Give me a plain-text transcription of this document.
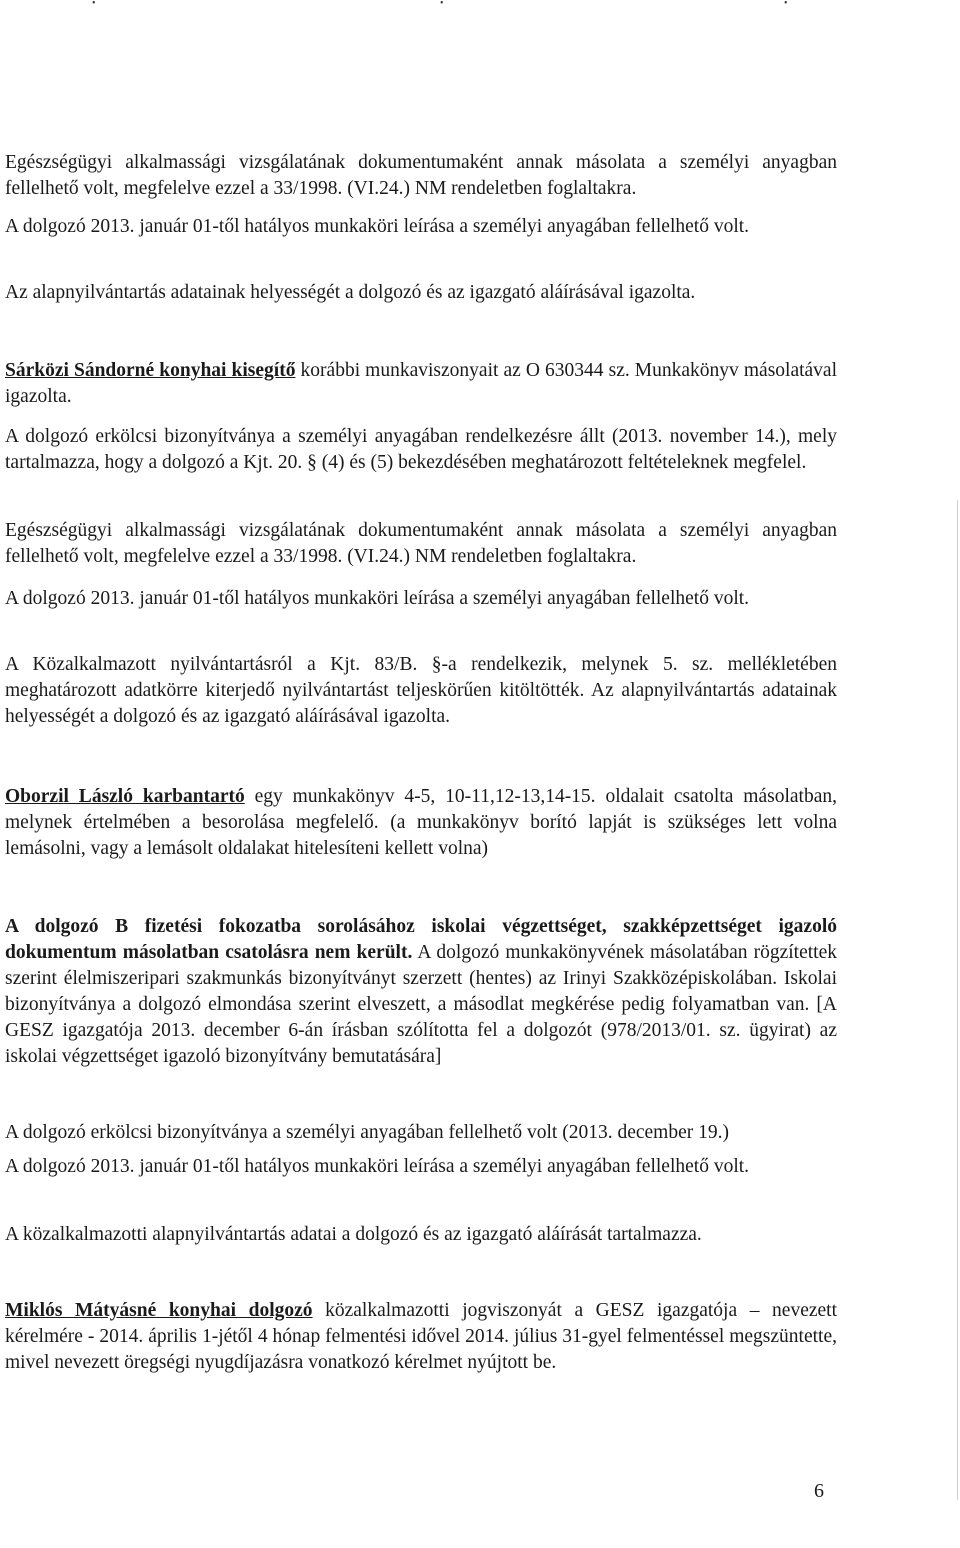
Egészségügyi alkalmassági vizsgálatának dokumentumaként annak másolata a személyi anyagban fellelhető volt, megfelelve ezzel a 33/1998. (VI.24.) NM rendeletben foglaltakra.

A dolgozó 2013. január 01-től hatályos munkaköri leírása a személyi anyagában fellelhető volt.

Az alapnyilvántartás adatainak helyességét a dolgozó és az igazgató aláírásával igazolta.

Sárközi Sándorné konyhai kisegítő korábbi munkaviszonyait az O 630344 sz. Munkakönyv másolatával igazolta.

A dolgozó erkölcsi bizonyítványa a személyi anyagában rendelkezésre állt (2013. november 14.), mely tartalmazza, hogy a dolgozó a Kjt. 20. § (4) és (5) bekezdésében meghatározott feltételeknek megfelel.

Egészségügyi alkalmassági vizsgálatának dokumentumaként annak másolata a személyi anyagban fellelhető volt, megfelelve ezzel a 33/1998. (VI.24.) NM rendeletben foglaltakra.

A dolgozó 2013. január 01-től hatályos munkaköri leírása a személyi anyagában fellelhető volt.

A Közalkalmazott nyilvántartásról a Kjt. 83/B. §-a rendelkezik, melynek 5. sz. mellékletében meghatározott adatkörre kiterjedő nyilvántartást teljeskörűen kitöltötték. Az alapnyilvántartás adatainak helyességét a dolgozó és az igazgató aláírásával igazolta.

Oborzil László karbantartó egy munkakönyv 4-5, 10-11,12-13,14-15. oldalait csatolta másolatban, melynek értelmében a besorolása megfelelő. (a munkakönyv borító lapját is szükséges lett volna lemásolni, vagy a lemásolt oldalakat hitelesíteni kellett volna)

A dolgozó B fizetési fokozatba sorolásához iskolai végzettséget, szakképzettséget igazoló dokumentum másolatban csatolásra nem került. A dolgozó munkakönyvének másolatában rögzítettek szerint élelmiszeripari szakmunkás bizonyítványt szerzett (hentes) az Irinyi Szakközépiskolában. Iskolai bizonyítványa a dolgozó elmondása szerint elveszett, a másodlat megkérése pedig folyamatban van. [A GESZ igazgatója 2013. december 6-án írásban szólította fel a dolgozót (978/2013/01. sz. ügyirat) az iskolai végzettséget igazoló bizonyítvány bemutatására]

A dolgozó erkölcsi bizonyítványa a személyi anyagában fellelhető volt (2013. december 19.)

A dolgozó 2013. január 01-től hatályos munkaköri leírása a személyi anyagában fellelhető volt.

A közalkalmazotti alapnyilvántartás adatai a dolgozó és az igazgató aláírását tartalmazza.

Miklós Mátyásné konyhai dolgozó közalkalmazotti jogviszonyát a GESZ igazgatója – nevezett kérelmére - 2014. április 1-jétől 4 hónap felmentési idővel 2014. július 31-gyel felmentéssel megszüntette, mivel nevezett öregségi nyugdíjazásra vonatkozó kérelmet nyújtott be.

6
•	•	•
